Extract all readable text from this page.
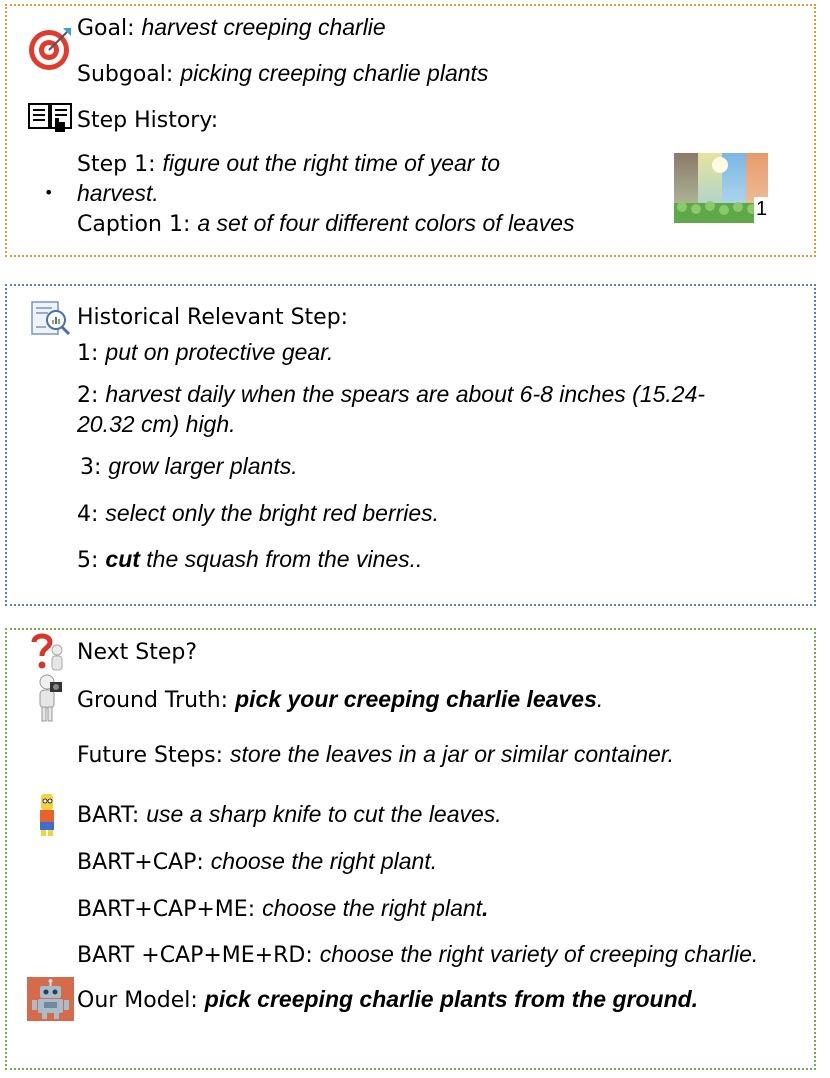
Goal: harvest creeping charlie
Subgoal: picking creeping charlie plants
Step History:
•
Step 1: figure out the right time of year to
harvest.
Caption 1: a set of four different colors of leaves
1
Historical Relevant Step:
1: put on protective gear.
2: harvest daily when the spears are about 6-8 inches (15.24-
20.32 cm) high.
3: grow larger plants.
4: select only the bright red berries.
5: cut the squash from the vines..
Next Step?
Ground Truth: pick your creeping charlie leaves.
Future Steps: store the leaves in a jar or similar container.
BART: use a sharp knife to cut the leaves.
BART+CAP: choose the right plant.
BART+CAP+ME: choose the right plant.
BART +CAP+ME+RD: choose the right variety of creeping charlie.
Our Model: pick creeping charlie plants from the ground.
